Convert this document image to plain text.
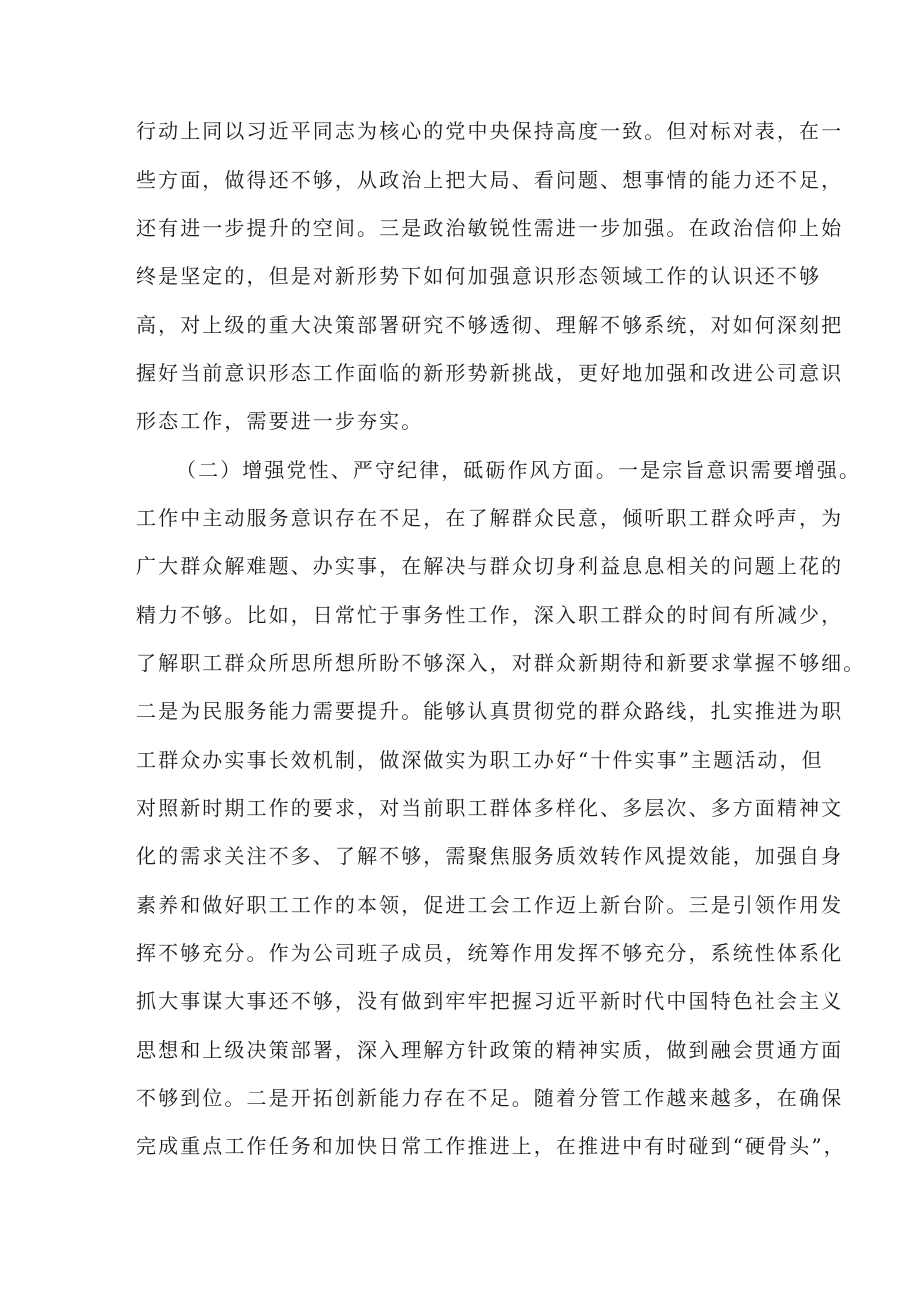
行动上同以习近平同志为核心的党中央保持高度一致。但对标对表，在一
些方面，做得还不够，从政治上把大局、看问题、想事情的能力还不足，
还有进一步提升的空间。三是政治敏锐性需进一步加强。在政治信仰上始
终是坚定的，但是对新形势下如何加强意识形态领域工作的认识还不够
高，对上级的重大决策部署研究不够透彻、理解不够系统，对如何深刻把
握好当前意识形态工作面临的新形势新挑战，更好地加强和改进公司意识
形态工作，需要进一步夯实。
（二）增强党性、严守纪律，砥砺作风方面。一是宗旨意识需要增强。
工作中主动服务意识存在不足，在了解群众民意，倾听职工群众呼声，为
广大群众解难题、办实事，在解决与群众切身利益息息相关的问题上花的
精力不够。比如，日常忙于事务性工作，深入职工群众的时间有所减少，
了解职工群众所思所想所盼不够深入，对群众新期待和新要求掌握不够细。
二是为民服务能力需要提升。能够认真贯彻党的群众路线，扎实推进为职
工群众办实事长效机制，做深做实为职工办好“十件实事”主题活动，但
对照新时期工作的要求，对当前职工群体多样化、多层次、多方面精神文
化的需求关注不多、了解不够，需聚焦服务质效转作风提效能，加强自身
素养和做好职工工作的本领，促进工会工作迈上新台阶。三是引领作用发
挥不够充分。作为公司班子成员，统筹作用发挥不够充分，系统性体系化
抓大事谋大事还不够，没有做到牢牢把握习近平新时代中国特色社会主义
思想和上级决策部署，深入理解方针政策的精神实质，做到融会贯通方面
不够到位。二是开拓创新能力存在不足。随着分管工作越来越多，在确保
完成重点工作任务和加快日常工作推进上，在推进中有时碰到“硬骨头”，
